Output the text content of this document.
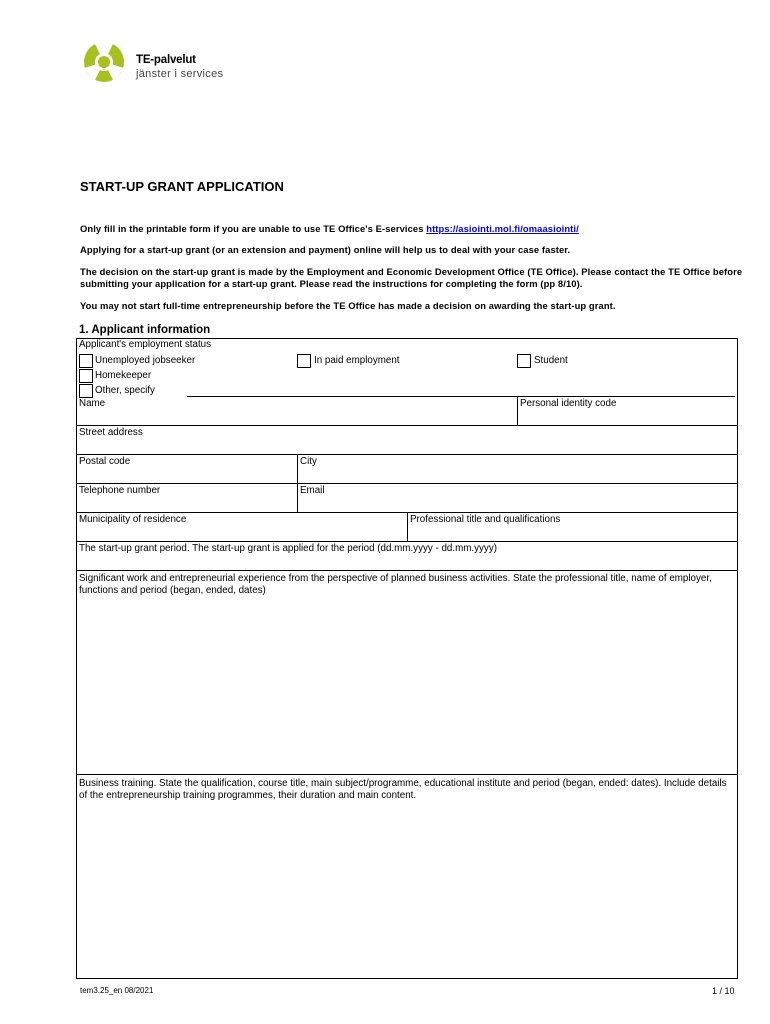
TE-palvelut
jänster i services
START-UP GRANT APPLICATION
Only fill in the printable form if you are unable to use TE Office's E-services https://asiointi.mol.fi/omaasiointi/
Applying for a start-up grant (or an extension and payment) online will help us to deal with your case faster.
The decision on the start-up grant is made by the Employment and Economic Development Office (TE Office). Please contact the TE Office before submitting your application for a start-up grant. Please read the instructions for completing the form (pp 8/10).
You may not start full-time entrepreneurship before the TE Office has made a decision on awarding the start-up grant.
1. Applicant information
Applicant's employment status
Unemployed jobseeker	In paid employment	Student
Homekeeper
Other, specify
Name	Personal identity code
Street address
Postal code	City
Telephone number	Email
Municipality of residence	Professional title and qualifications
The start-up grant period. The start-up grant is applied for the period (dd.mm.yyyy - dd.mm.yyyy)
Significant work and entrepreneurial experience from the perspective of planned business activities. State the professional title, name of employer, functions and period (began, ended, dates)
Business training. State the qualification, course title, main subject/programme, educational institute and period (began, ended: dates). Include details of the entrepreneurship training programmes, their duration and main content.
tem3.25_en 08/2021	1 / 10
